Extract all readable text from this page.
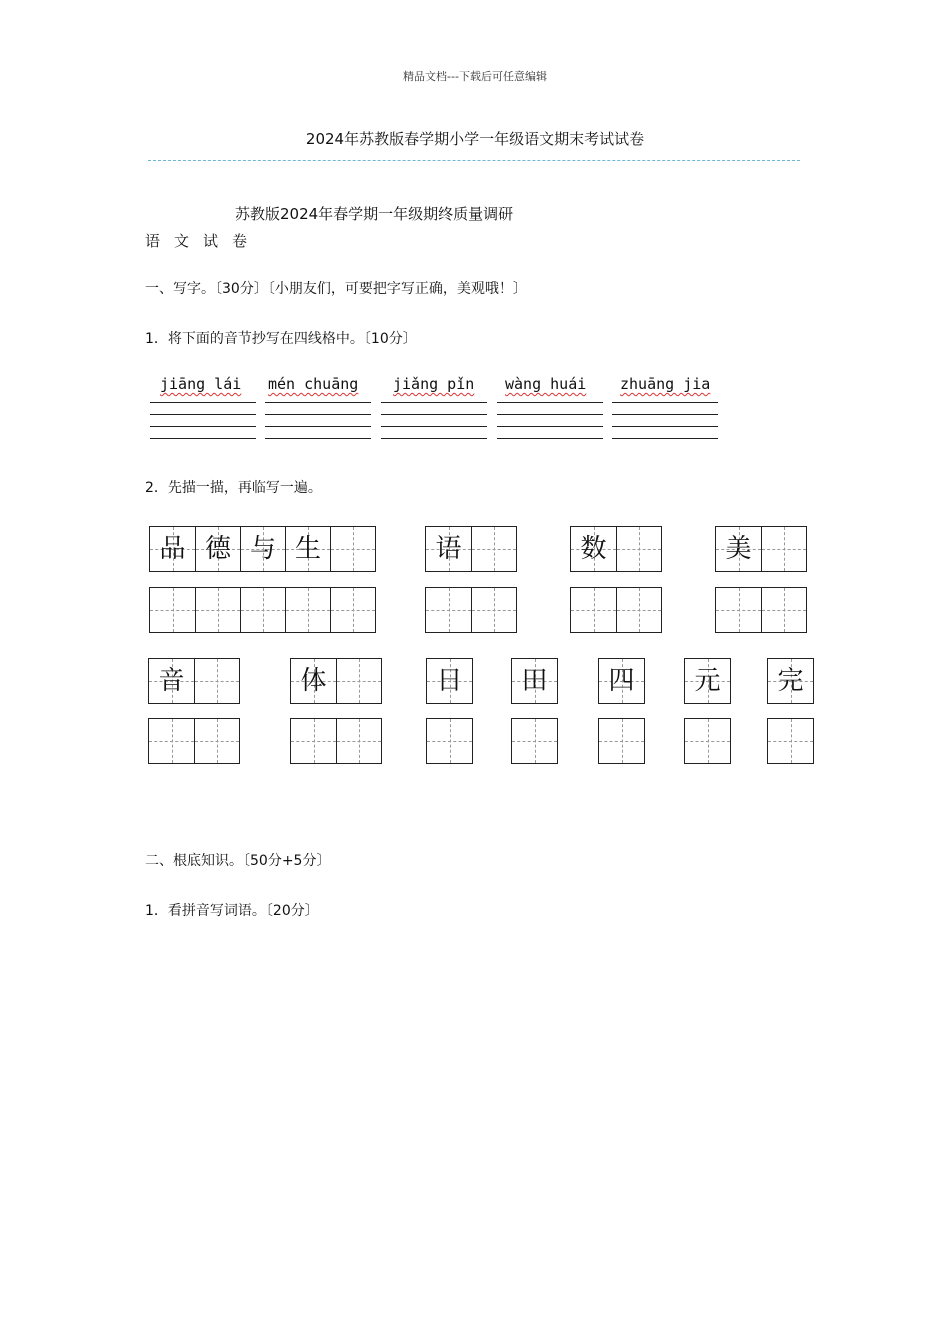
精品文档---下载后可任意编辑
2024年苏教版春学期小学一年级语文期末考试试卷
苏教版2024年春学期一年级期终质量调研
语文试卷
一、写字。〔30分〕〔小朋友们，可要把字写正确，美观哦！〕
1．将下面的音节抄写在四线格中。〔10分〕
jiāng lái mén chuāng jiǎng pǐn wàng huái zhuāng jia
2．先描一描，再临写一遍。
品 德 与 生	语	数	美
音	体	日	田	四	元	完
二、根底知识。〔50分+5分〕
1．看拼音写词语。〔20分〕
